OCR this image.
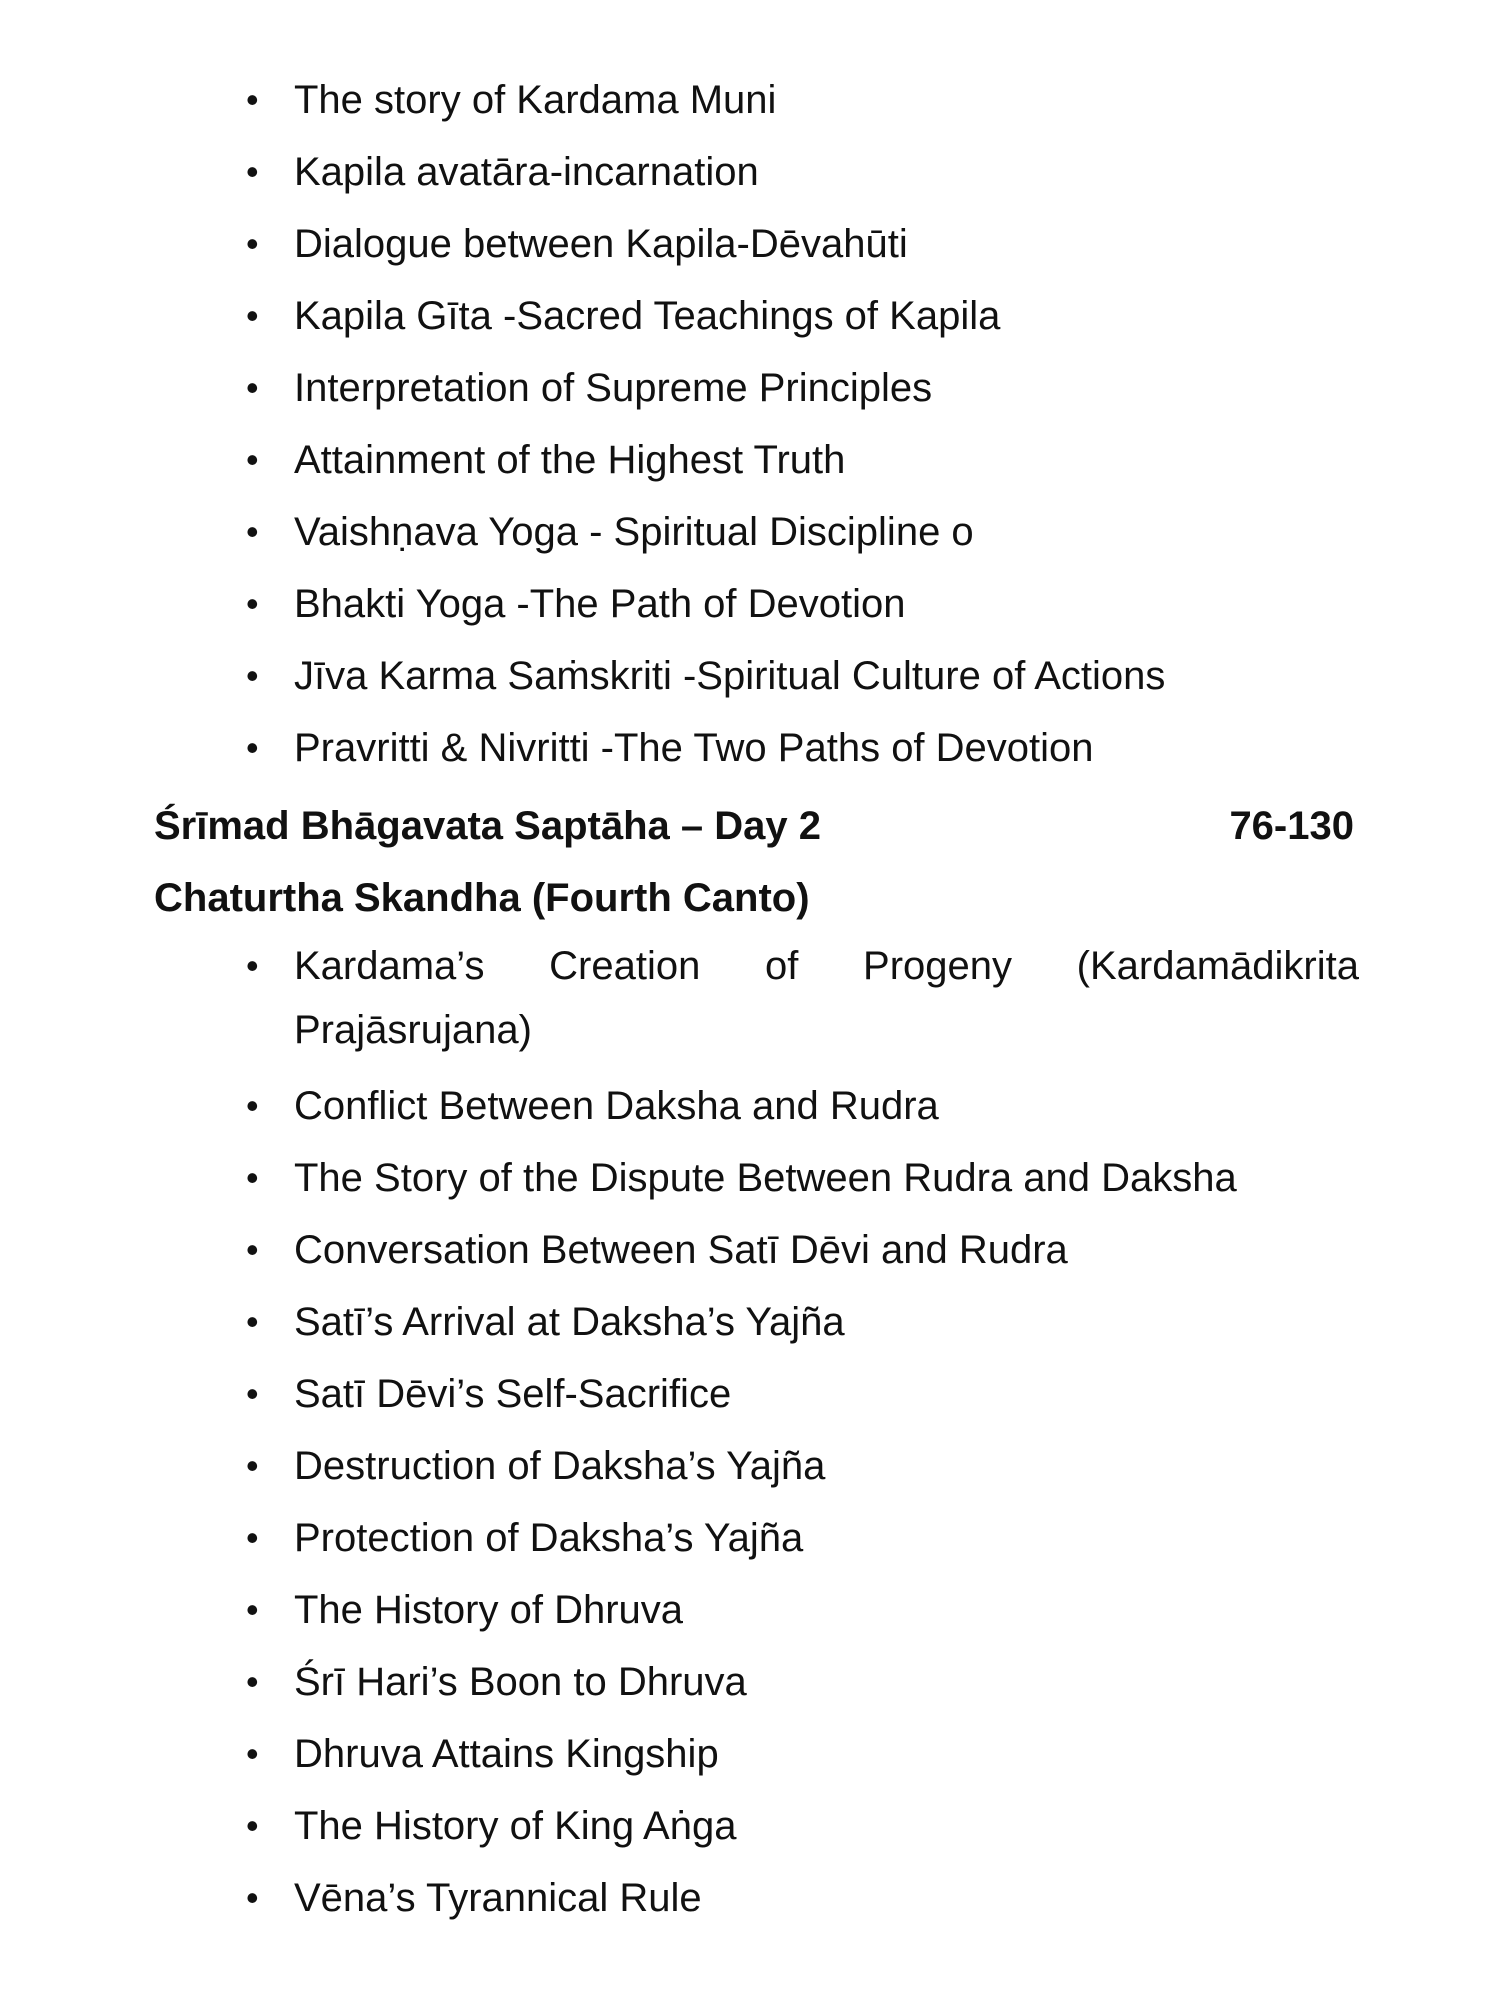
• The story of Kardama Muni
• Kapila avatāra-incarnation
• Dialogue between Kapila-Dēvahūti
• Kapila Gīta -Sacred Teachings of Kapila
• Interpretation of Supreme Principles
• Attainment of the Highest Truth
• Vaishṇava Yoga - Spiritual Discipline o
• Bhakti Yoga -The Path of Devotion
• Jīva Karma Saṁskriti -Spiritual Culture of Actions
• Pravritti & Nivritti -The Two Paths of Devotion
Śrīmad Bhāgavata Saptāha – Day 2	76-130
Chaturtha Skandha (Fourth Canto)
• Kardama’s Creation of Progeny (Kardamādikrita Prajāsrujana)
• Conflict Between Daksha and Rudra
• The Story of the Dispute Between Rudra and Daksha
• Conversation Between Satī Dēvi and Rudra
• Satī’s Arrival at Daksha’s Yajña
• Satī Dēvi’s Self-Sacrifice
• Destruction of Daksha’s Yajña
• Protection of Daksha’s Yajña
• The History of Dhruva
• Śrī Hari’s Boon to Dhruva
• Dhruva Attains Kingship
• The History of King Aṅga
• Vēna’s Tyrannical Rule
